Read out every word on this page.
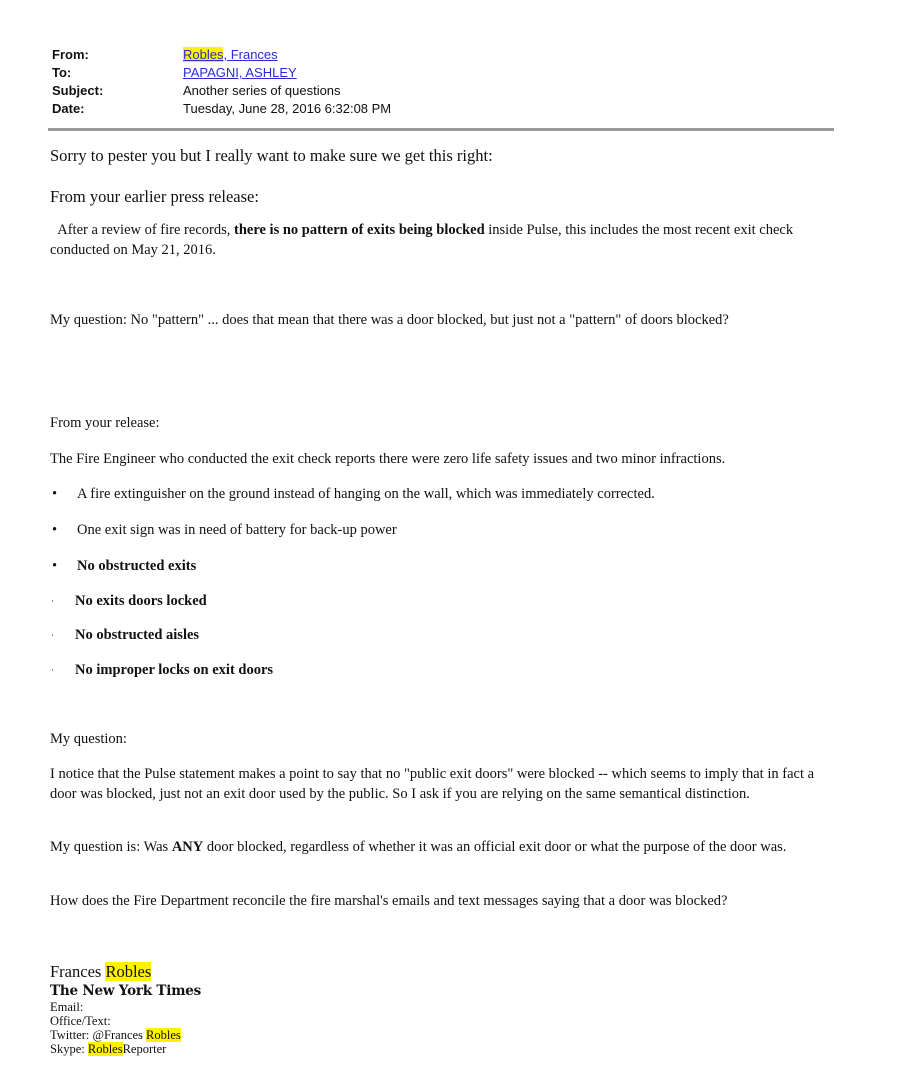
From:	Robles, Frances
To:	PAPAGNI, ASHLEY
Subject:	Another series of questions
Date:	Tuesday, June 28, 2016 6:32:08 PM

Sorry to pester you but I really want to make sure we get this right:

From your earlier press release:

After a review of fire records, there is no pattern of exits being blocked inside Pulse, this includes the most recent exit check conducted on May 21, 2016.

My question: No "pattern" ... does that mean that there was a door blocked, but just not a "pattern" of doors blocked?

From your release:

The Fire Engineer who conducted the exit check reports there were zero life safety issues and two minor infractions.

•	A fire extinguisher on the ground instead of hanging on the wall, which was immediately corrected.
•	One exit sign was in need of battery for back-up power
•	No obstructed exits
·	No exits doors locked
·	No obstructed aisles
·	No improper locks on exit doors

My question:

I notice that the Pulse statement makes a point to say that no "public exit doors" were blocked -- which seems to imply that in fact a door was blocked, just not an exit door used by the public. So I ask if you are relying on the same semantical distinction.

My question is: Was ANY door blocked, regardless of whether it was an official exit door or what the purpose of the door was.

How does the Fire Department reconcile the fire marshal's emails and text messages saying that a door was blocked?

Frances Robles
The New York Times
Email:
Office/Text:
Twitter: @Frances Robles
Skype: RoblesReporter
